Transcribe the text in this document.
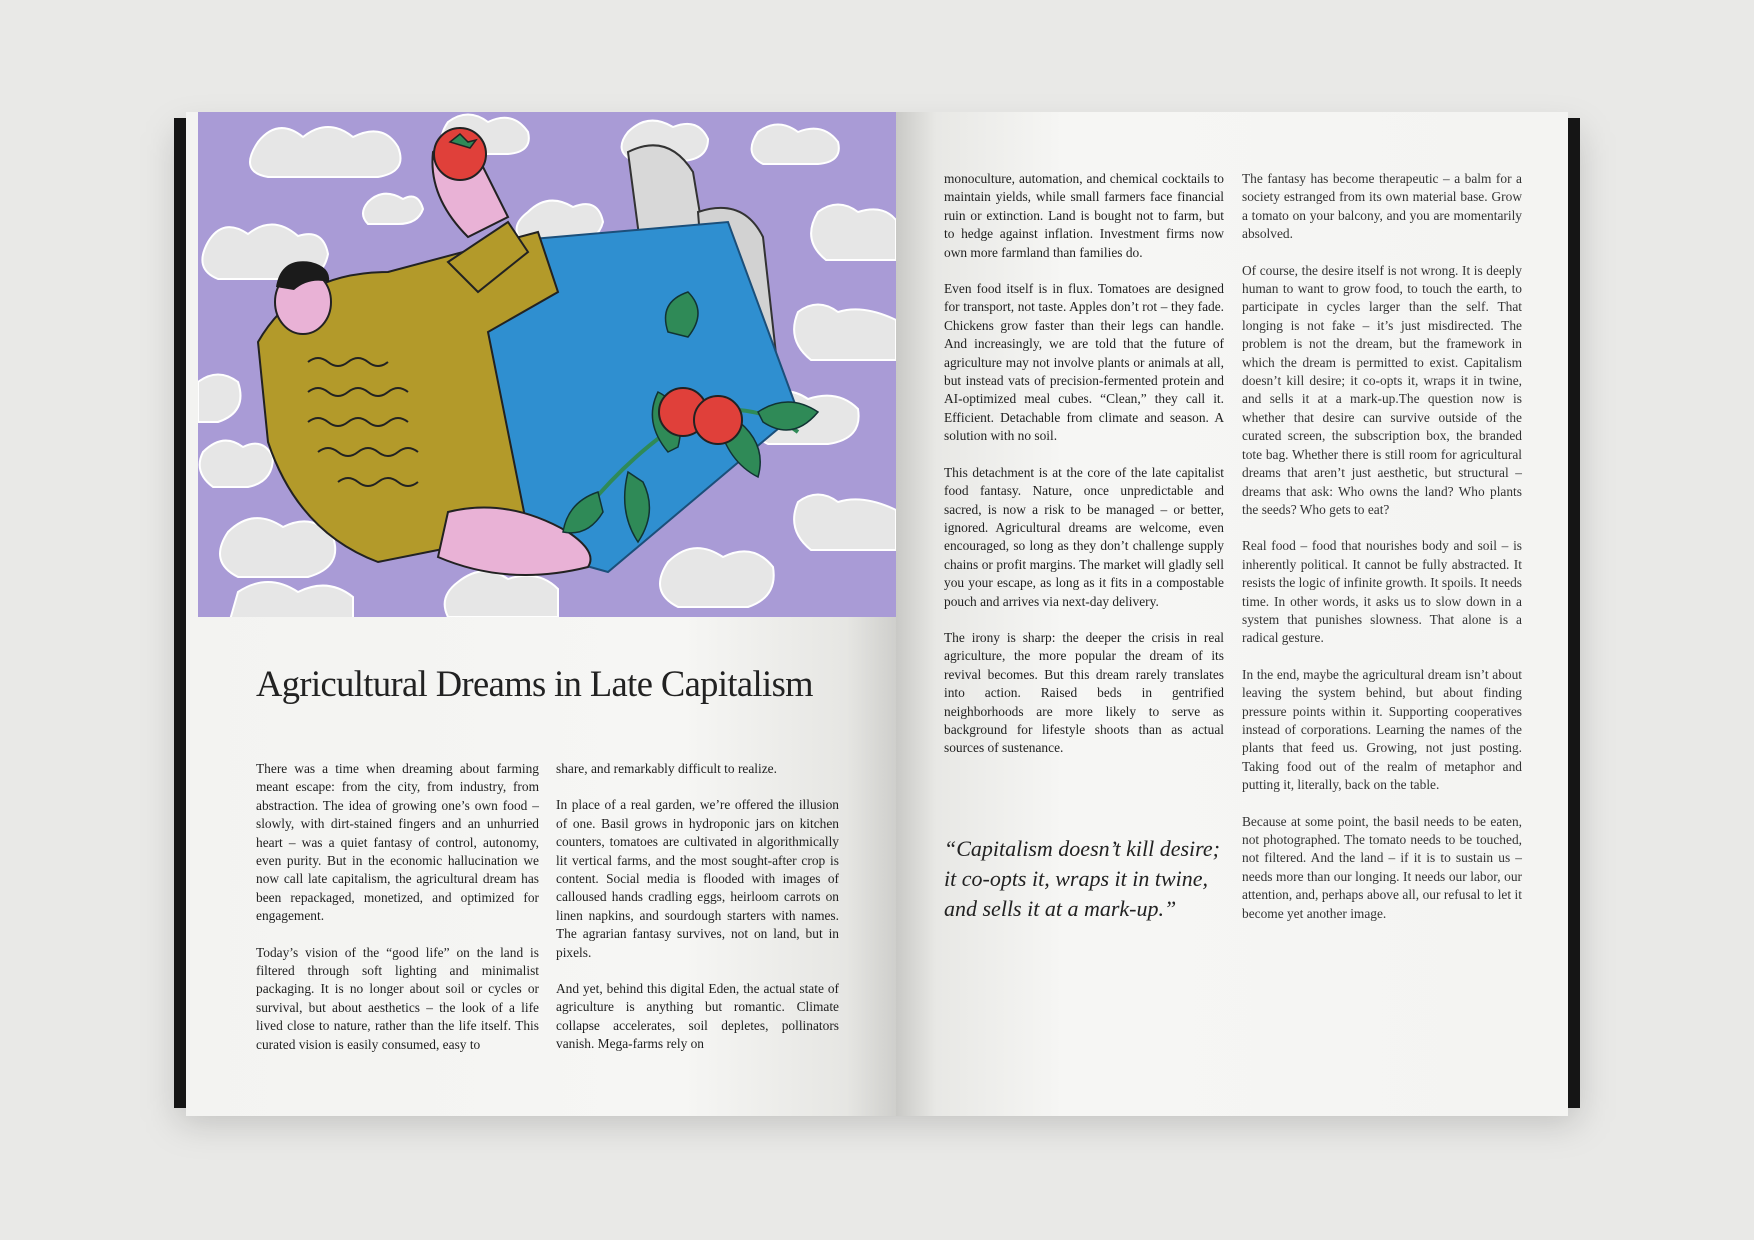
Agricultural Dreams in Late Capitalism

There was a time when dreaming about farming meant escape: from the city, from industry, from abstraction. The idea of growing one’s own food – slowly, with dirt-stained fingers and an unhurried heart – was a quiet fantasy of control, autonomy, even purity. But in the economic hallucination we now call late capitalism, the agricultural dream has been repackaged, monetized, and optimized for engagement.

Today’s vision of the “good life” on the land is filtered through soft lighting and minimalist packaging. It is no longer about soil or cycles or survival, but about aesthetics – the look of a life lived close to nature, rather than the life itself. This curated vision is easily consumed, easy to

share, and remarkably difficult to realize.

In place of a real garden, we’re offered the illusion of one. Basil grows in hydroponic jars on kitchen counters, tomatoes are cultivated in algorithmically lit vertical farms, and the most sought-after crop is content. Social media is flooded with images of calloused hands cradling eggs, heirloom carrots on linen napkins, and sourdough starters with names. The agrarian fantasy survives, not on land, but in pixels.

And yet, behind this digital Eden, the actual state of agriculture is anything but romantic. Climate collapse accelerates, soil depletes, pollinators vanish. Mega-farms rely on

monoculture, automation, and chemical cocktails to maintain yields, while small farmers face financial ruin or extinction. Land is bought not to farm, but to hedge against inflation. Investment firms now own more farmland than families do.

Even food itself is in flux. Tomatoes are designed for transport, not taste. Apples don’t rot – they fade. Chickens grow faster than their legs can handle. And increasingly, we are told that the future of agriculture may not involve plants or animals at all, but instead vats of precision-fermented protein and AI-optimized meal cubes. “Clean,” they call it. Efficient. Detachable from climate and season. A solution with no soil.

This detachment is at the core of the late capitalist food fantasy. Nature, once unpredictable and sacred, is now a risk to be managed – or better, ignored. Agricultural dreams are welcome, even encouraged, so long as they don’t challenge supply chains or profit margins. The market will gladly sell you your escape, as long as it fits in a compostable pouch and arrives via next-day delivery.

The irony is sharp: the deeper the crisis in real agriculture, the more popular the dream of its revival becomes. But this dream rarely translates into action. Raised beds in gentrified neighborhoods are more likely to serve as background for lifestyle shoots than as actual sources of sustenance.

“Capitalism doesn’t kill desire; it co-opts it, wraps it in twine, and sells it at a mark-up.”

The fantasy has become therapeutic – a balm for a society estranged from its own material base. Grow a tomato on your balcony, and you are momentarily absolved.

Of course, the desire itself is not wrong. It is deeply human to want to grow food, to touch the earth, to participate in cycles larger than the self. That longing is not fake – it’s just misdirected. The problem is not the dream, but the framework in which the dream is permitted to exist. Capitalism doesn’t kill desire; it co-opts it, wraps it in twine, and sells it at a mark-up.The question now is whether that desire can survive outside of the curated screen, the subscription box, the branded tote bag. Whether there is still room for agricultural dreams that aren’t just aesthetic, but structural – dreams that ask: Who owns the land? Who plants the seeds? Who gets to eat?

Real food – food that nourishes body and soil – is inherently political. It cannot be fully abstracted. It resists the logic of infinite growth. It spoils. It needs time. In other words, it asks us to slow down in a system that punishes slowness. That alone is a radical gesture.

In the end, maybe the agricultural dream isn’t about leaving the system behind, but about finding pressure points within it. Supporting cooperatives instead of corporations. Learning the names of the plants that feed us. Growing, not just posting. Taking food out of the realm of metaphor and putting it, literally, back on the table.

Because at some point, the basil needs to be eaten, not photographed. The tomato needs to be touched, not filtered. And the land – if it is to sustain us – needs more than our longing. It needs our labor, our attention, and, perhaps above all, our refusal to let it become yet another image.
